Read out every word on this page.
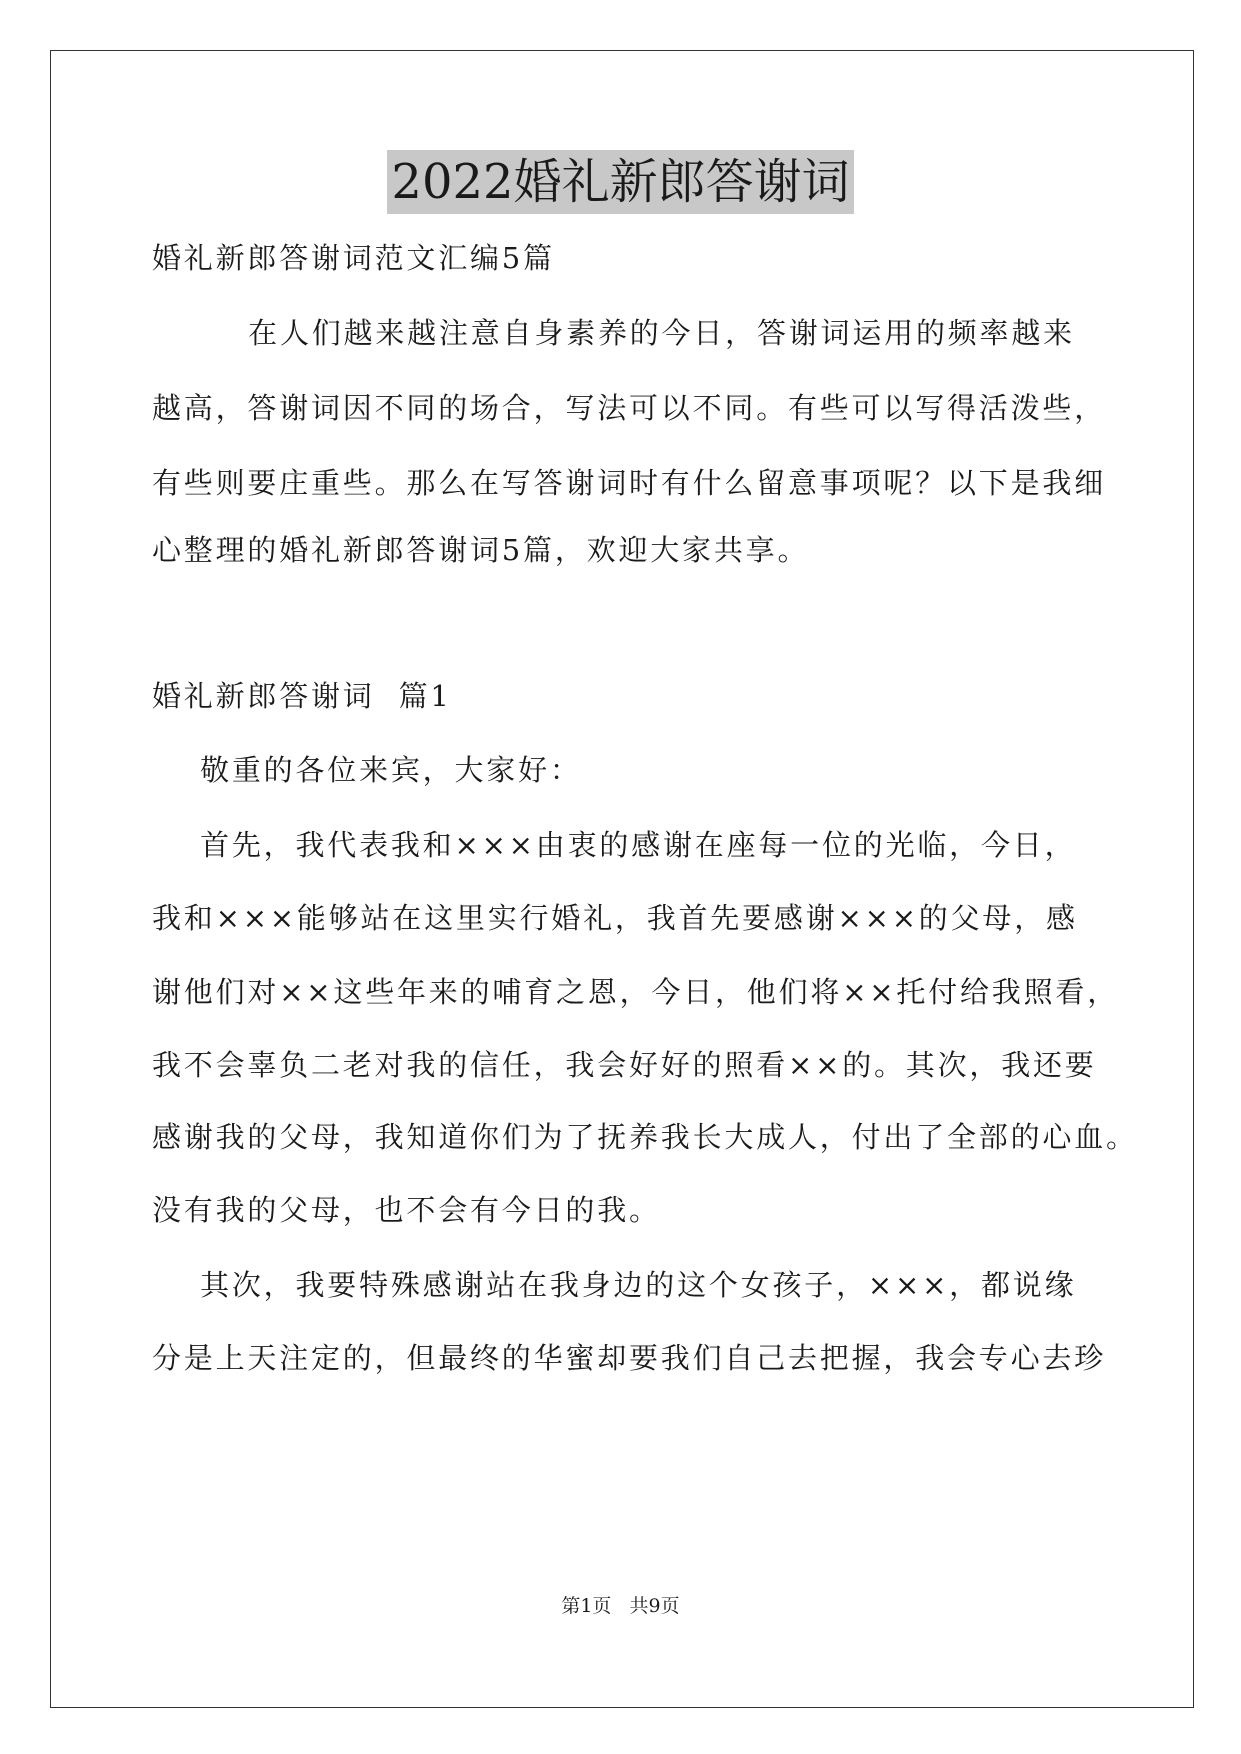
2022婚礼新郎答谢词
婚礼新郎答谢词范文汇编5篇
在人们越来越注意自身素养的今日，答谢词运用的频率越来
越高，答谢词因不同的场合，写法可以不同。有些可以写得活泼些，
有些则要庄重些。那么在写答谢词时有什么留意事项呢？以下是我细
心整理的婚礼新郎答谢词5篇，欢迎大家共享。
婚礼新郎答谢词  篇1
敬重的各位来宾，大家好：
首先，我代表我和×××由衷的感谢在座每一位的光临，今日，
我和×××能够站在这里实行婚礼，我首先要感谢×××的父母，感
谢他们对××这些年来的哺育之恩，今日，他们将××托付给我照看，
我不会辜负二老对我的信任，我会好好的照看××的。其次，我还要
感谢我的父母，我知道你们为了抚养我长大成人，付出了全部的心血。
没有我的父母，也不会有今日的我。
其次，我要特殊感谢站在我身边的这个女孩子，×××，都说缘
分是上天注定的，但最终的华蜜却要我们自己去把握，我会专心去珍
第1页   共9页
